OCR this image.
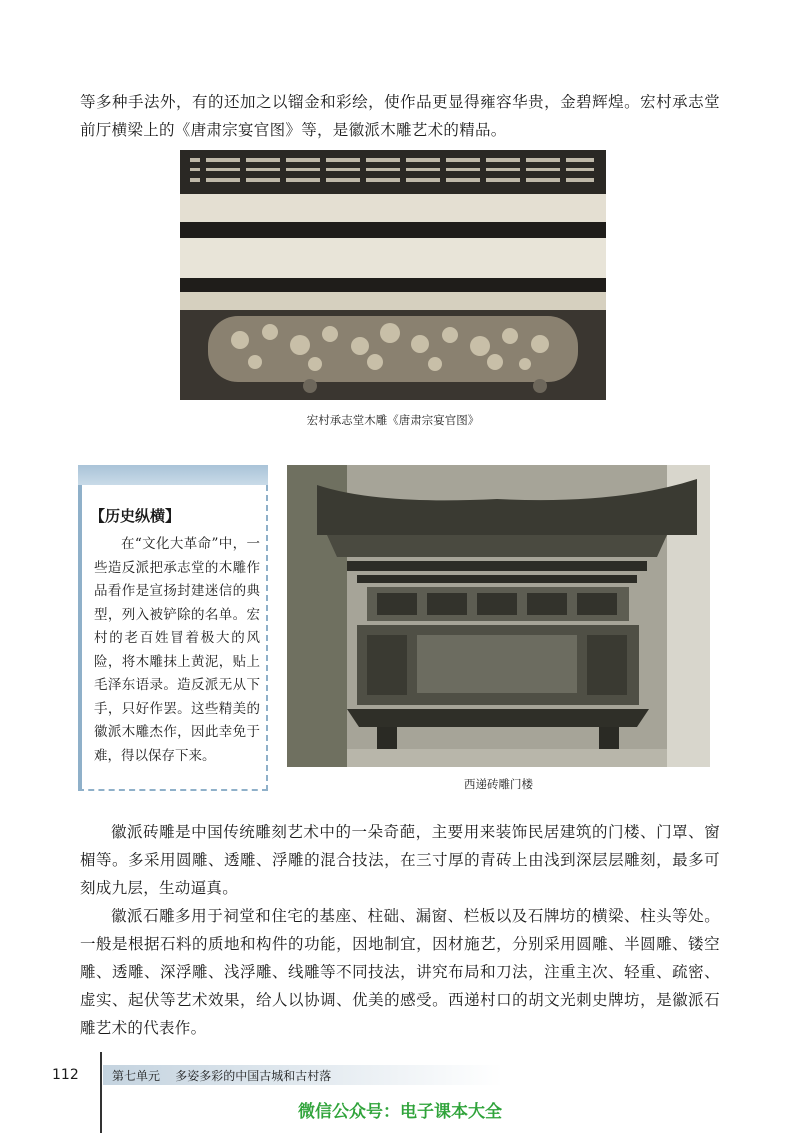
等多种手法外，有的还加之以镏金和彩绘，使作品更显得雍容华贵，金碧辉煌。宏村承志堂前厅横梁上的《唐肃宗宴官图》等，是徽派木雕艺术的精品。

宏村承志堂木雕《唐肃宗宴官图》

【历史纵横】

在“文化大革命”中，一些造反派把承志堂的木雕作品看作是宣扬封建迷信的典型，列入被铲除的名单。宏村的老百姓冒着极大的风险，将木雕抹上黄泥，贴上毛泽东语录。造反派无从下手，只好作罢。这些精美的徽派木雕杰作，因此幸免于难，得以保存下来。

西递砖雕门楼

徽派砖雕是中国传统雕刻艺术中的一朵奇葩，主要用来装饰民居建筑的门楼、门罩、窗楣等。多采用圆雕、透雕、浮雕的混合技法，在三寸厚的青砖上由浅到深层层雕刻，最多可刻成九层，生动逼真。

徽派石雕多用于祠堂和住宅的基座、柱础、漏窗、栏板以及石牌坊的横梁、柱头等处。一般是根据石料的质地和构件的功能，因地制宜，因材施艺，分别采用圆雕、半圆雕、镂空雕、透雕、深浮雕、浅浮雕、线雕等不同技法，讲究布局和刀法，注重主次、轻重、疏密、虚实、起伏等艺术效果，给人以协调、优美的感受。西递村口的胡文光刺史牌坊，是徽派石雕艺术的代表作。

112	第七单元    多姿多彩的中国古城和古村落
微信公众号：电子课本大全
